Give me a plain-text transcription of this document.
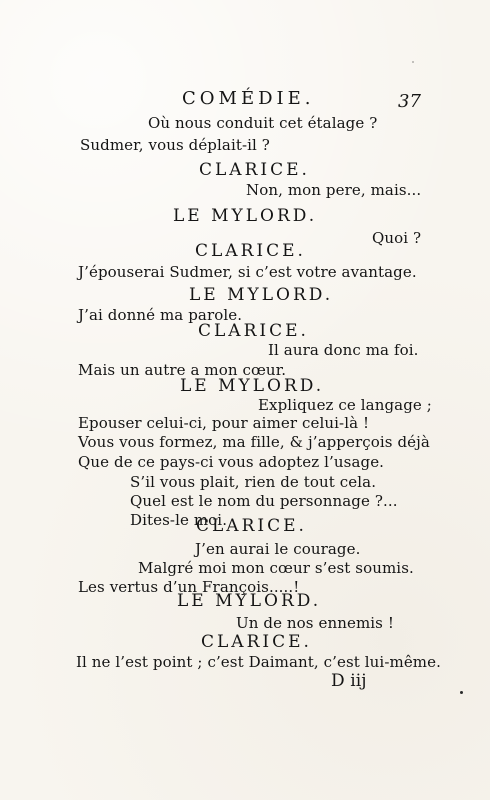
COMÉDIE.	37
Où nous conduit cet étalage ?
Sudmer, vous déplait-il ?
CLARICE.
Non, mon pere, mais...
LE MYLORD.
Quoi ?
CLARICE.
J’épouserai Sudmer, si c’est votre avantage.
LE MYLORD.
J’ai donné ma parole.
CLARICE.
Il aura donc ma foi.
Mais un autre a mon cœur.
LE MYLORD.
Expliquez ce langage ;
Epouser celui-ci, pour aimer celui-là !
Vous vous formez, ma fille, & j’apperçois déjà
Que de ce pays-ci vous adoptez l’usage.
S’il vous plait, rien de tout cela.
Quel est le nom du personnage ?...
Dites-le moi.
CLARICE.
J’en aurai le courage.
Malgré moi mon cœur s’est soumis.
Les vertus d’un François.....!
LE MYLORD.
Un de nos ennemis !
CLARICE.
Il ne l’est point ; c’est Daimant, c’est lui-même.
D iij
